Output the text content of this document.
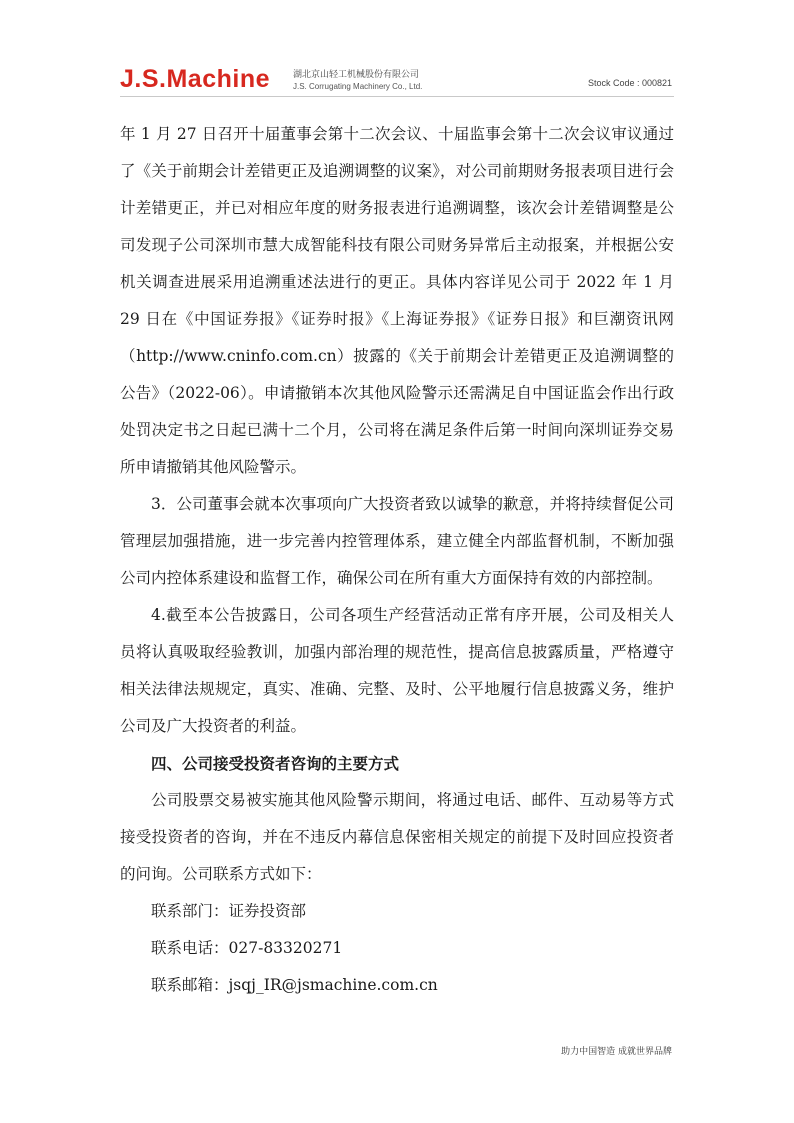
J.S.Machine	湖北京山轻工机械股份有限公司
J.S. Corrugating Machinery Co., Ltd.	Stock Code : 000821

年 1 月 27 日召开十届董事会第十二次会议、十届监事会第十二次会议审议通过了《关于前期会计差错更正及追溯调整的议案》，对公司前期财务报表项目进行会计差错更正，并已对相应年度的财务报表进行追溯调整，该次会计差错调整是公司发现子公司深圳市慧大成智能科技有限公司财务异常后主动报案，并根据公安机关调查进展采用追溯重述法进行的更正。具体内容详见公司于 2022 年 1 月 29 日在《中国证券报》《证券时报》《上海证券报》《证券日报》和巨潮资讯网（http://www.cninfo.com.cn）披露的《关于前期会计差错更正及追溯调整的公告》（2022-06）。申请撤销本次其他风险警示还需满足自中国证监会作出行政处罚决定书之日起已满十二个月，公司将在满足条件后第一时间向深圳证券交易所申请撤销其他风险警示。

3．公司董事会就本次事项向广大投资者致以诚挚的歉意，并将持续督促公司管理层加强措施，进一步完善内控管理体系，建立健全内部监督机制，不断加强公司内控体系建设和监督工作，确保公司在所有重大方面保持有效的内部控制。

4.截至本公告披露日，公司各项生产经营活动正常有序开展，公司及相关人员将认真吸取经验教训，加强内部治理的规范性，提高信息披露质量，严格遵守相关法律法规规定，真实、准确、完整、及时、公平地履行信息披露义务，维护公司及广大投资者的利益。

四、公司接受投资者咨询的主要方式

公司股票交易被实施其他风险警示期间，将通过电话、邮件、互动易等方式接受投资者的咨询，并在不违反内幕信息保密相关规定的前提下及时回应投资者的问询。公司联系方式如下：

联系部门：证券投资部

联系电话：027-83320271

联系邮箱：jsqj_IR@jsmachine.com.cn

助力中国智造 成就世界品牌
